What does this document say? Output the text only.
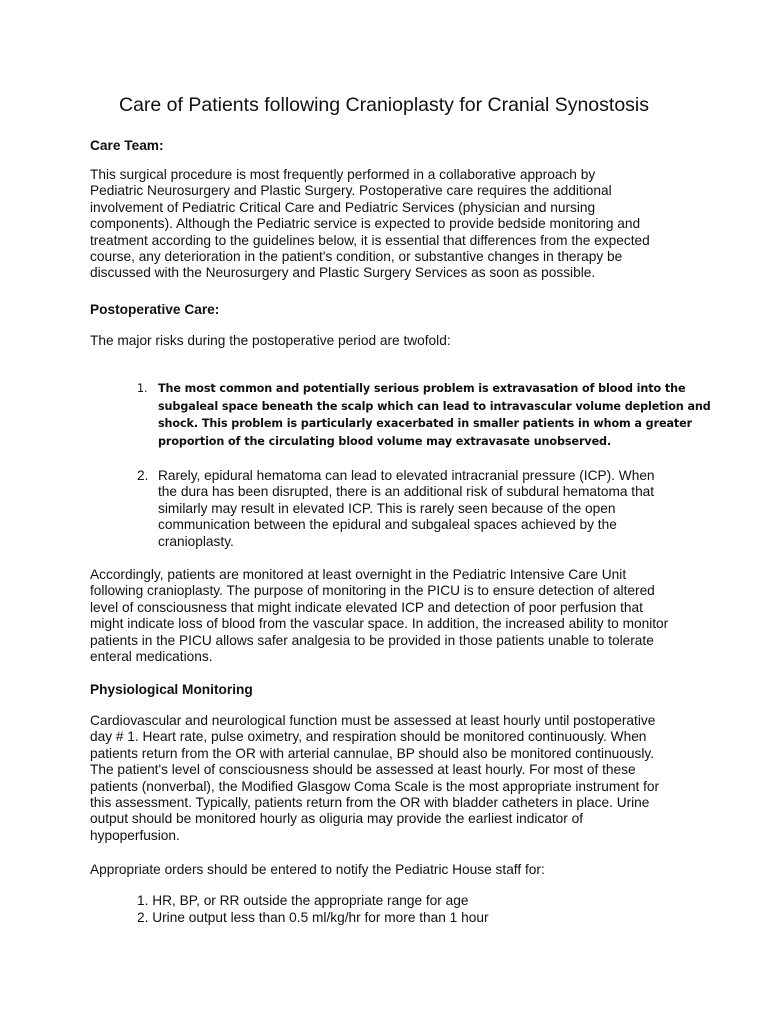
Care of Patients following Cranioplasty for Cranial Synostosis
Care Team:

This surgical procedure is most frequently performed in a collaborative approach by
Pediatric Neurosurgery and Plastic Surgery. Postoperative care requires the additional
involvement of Pediatric Critical Care and Pediatric Services (physician and nursing
components). Although the Pediatric service is expected to provide bedside monitoring and
treatment according to the guidelines below, it is essential that differences from the expected
course, any deterioration in the patient's condition, or substantive changes in therapy be
discussed with the Neurosurgery and Plastic Surgery Services as soon as possible.

Postoperative Care:

The major risks during the postoperative period are twofold:

1. The most common and potentially serious problem is extravasation of blood into the
subgaleal space beneath the scalp which can lead to intravascular volume depletion and
shock. This problem is particularly exacerbated in smaller patients in whom a greater
proportion of the circulating blood volume may extravasate unobserved.
2. Rarely, epidural hematoma can lead to elevated intracranial pressure (ICP). When
the dura has been disrupted, there is an additional risk of subdural hematoma that
similarly may result in elevated ICP. This is rarely seen because of the open
communication between the epidural and subgaleal spaces achieved by the
cranioplasty.

Accordingly, patients are monitored at least overnight in the Pediatric Intensive Care Unit
following cranioplasty. The purpose of monitoring in the PICU is to ensure detection of altered
level of consciousness that might indicate elevated ICP and detection of poor perfusion that
might indicate loss of blood from the vascular space. In addition, the increased ability to monitor
patients in the PICU allows safer analgesia to be provided in those patients unable to tolerate
enteral medications.

Physiological Monitoring

Cardiovascular and neurological function must be assessed at least hourly until postoperative
day # 1. Heart rate, pulse oximetry, and respiration should be monitored continuously. When
patients return from the OR with arterial cannulae, BP should also be monitored continuously.
The patient's level of consciousness should be assessed at least hourly. For most of these
patients (nonverbal), the Modified Glasgow Coma Scale is the most appropriate instrument for
this assessment. Typically, patients return from the OR with bladder catheters in place. Urine
output should be monitored hourly as oliguria may provide the earliest indicator of
hypoperfusion.

Appropriate orders should be entered to notify the Pediatric House staff for:

1. HR, BP, or RR outside the appropriate range for age
2. Urine output less than 0.5 ml/kg/hr for more than 1 hour
